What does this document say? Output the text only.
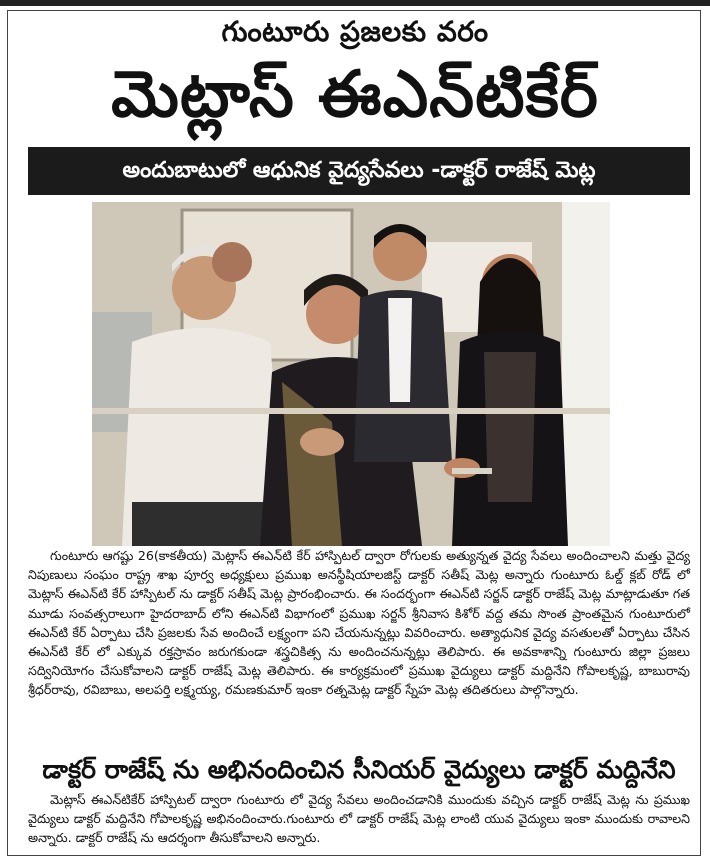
గుంటూరు ప్రజలకు వరం
మెట్లాస్ ఈఎన్‌టికేర్
అందుబాటులో ఆధునిక వైద్యసేవలు -డాక్టర్ రాజేష్ మెట్ల

గుంటూరు ఆగష్టు 26(కాకతీయ) మెట్లాస్ ఈఎన్‌టి కేర్ హాస్పిటల్ ద్వారా రోగులకు అత్యున్నత వైద్య సేవలు అందించాలని మత్తు వైద్య నిపుణులు సంఘం రాష్ట్ర శాఖ పూర్వ అధ్యక్షులు ప్రముఖ అనస్థీషియాలజిస్ట్ డాక్టర్ సతీష్ మెట్ల అన్నారు గుంటూరు ఓల్డ్ క్లబ్ రోడ్ లో మెట్లాస్ ఈఎన్‌టి కేర్ హాస్పిటల్ ను డాక్టర్ సతీష్ మెట్ల ప్రారంభించారు. ఈ సందర్భంగా ఈఎన్‌టి సర్జన్ డాక్టర్ రాజేష్ మెట్ల మాట్లాడుతూ గత మూడు సంవత్సరాలుగా హైదరాబాద్ లోని ఈఎన్‌టి విభాగంలో ప్రముఖ సర్జన్ శ్రీనివాస కిశోర్ వద్ద తమ సొంత ప్రాంతమైన గుంటూరులో ఈఎన్‌టి కేర్ ఏర్పాటు చేసి ప్రజలకు సేవ అందించే లక్ష్యంగా పని చేయనున్నట్లు వివరించారు. అత్యాధునిక వైద్య వసతులతో ఏర్పాటు చేసిన ఈఎన్‌టి కేర్ లో ఎక్కువ రక్తస్రావం జరుగకుండా శస్త్రచికిత్స ను అందించనున్నట్లు తెలిపారు. ఈ అవకాశాన్ని గుంటూరు జిల్లా ప్రజలు సద్వినియోగం చేసుకోవాలని డాక్టర్ రాజేష్ మెట్ల తెలిపారు. ఈ కార్యక్రమంలో ప్రముఖ వైద్యులు డాక్టర్ మద్దినేని గోపాలకృష్ణ, బాబురావు శ్రీధర్‌రావు, రవిబాబు, అలపర్తి లక్ష్మయ్య, రమణకుమార్ ఇంకా రత్నమెట్ల డాక్టర్ స్నేహ మెట్ల తదితరులు పాల్గొన్నారు.

డాక్టర్ రాజేష్ ను అభినందించిన సీనియర్ వైద్యులు డాక్టర్ మద్దినేని

మెట్లాస్ ఈఎన్‌టికేర్ హాస్పిటల్ ద్వారా గుంటూరు లో వైద్య సేవలు అందించడానికి ముందుకు వచ్చిన డాక్టర్ రాజేష్ మెట్ల ను ప్రముఖ వైద్యులు డాక్టర్ మద్దినేని గోపాలకృష్ణ అభినందించారు.గుంటూరు లో డాక్టర్ రాజేష్ మెట్ల లాంటి యువ వైద్యులు ఇంకా ముందుకు రావాలని అన్నారు. డాక్టర్ రాజేష్ ను ఆదర్శంగా తీసుకోవాలని అన్నారు.
